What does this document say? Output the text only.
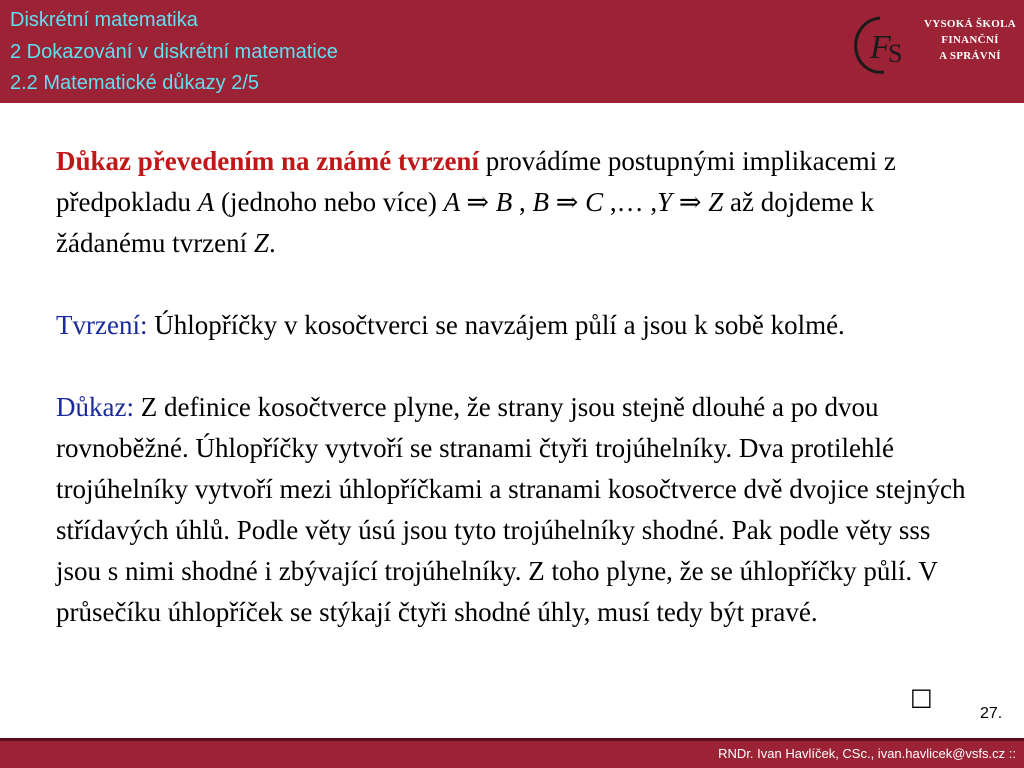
Diskrétní matematika
2 Dokazování v diskrétní matematice
2.2 Matematické důkazy 2/5
F
S
VYSOKÁ ŠKOLA
FINANČNÍ
A SPRÁVNÍ

Důkaz převedením na známé tvrzení provádíme postupnými implikacemi z předpokladu A (jednoho nebo více) A ⇒ B , B ⇒ C ,… ,Y ⇒ Z až dojdeme k žádanému tvrzení Z.

Tvrzení: Úhlopříčky v kosočtverci se navzájem půlí a jsou k sobě kolmé.

Důkaz: Z definice kosočtverce plyne, že strany jsou stejně dlouhé a po dvou rovnoběžné. Úhlopříčky vytvoří se stranami čtyři trojúhelníky. Dva protilehlé trojúhelníky vytvoří mezi úhlopříčkami a stranami kosočtverce dvě dvojice stejných střídavých úhlů. Podle věty úsú jsou tyto trojúhelníky shodné. Pak podle věty sss jsou s nimi shodné i zbývající trojúhelníky. Z toho plyne, že se úhlopříčky půlí. V průsečíku úhlopříček se stýkají čtyři shodné úhly, musí tedy být pravé.

□
27.
RNDr. Ivan Havlíček, CSc., ivan.havlicek@vsfs.cz ::
